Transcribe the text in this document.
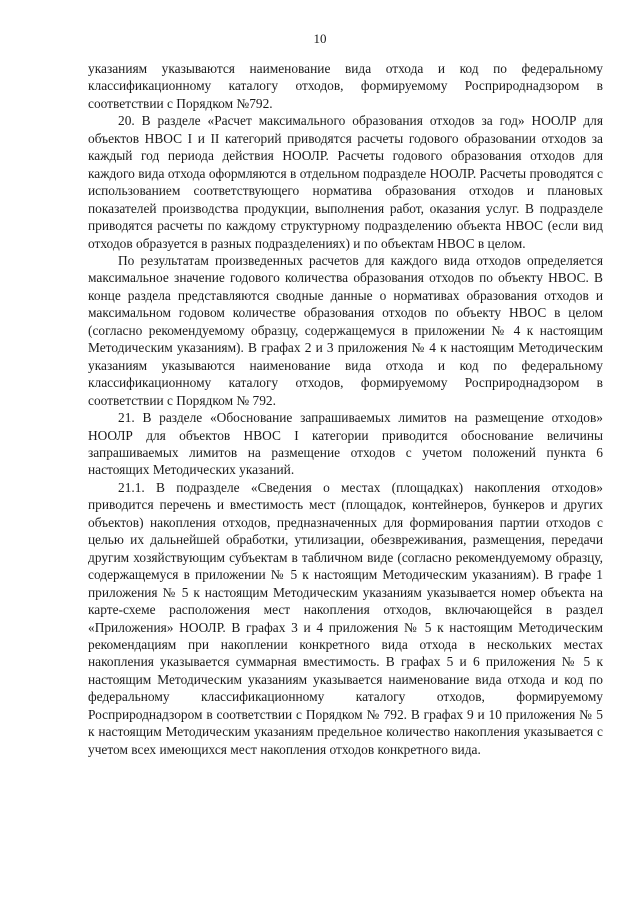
10

указаниям указываются наименование вида отхода и код по федеральному классификационному каталогу отходов, формируемому Росприроднадзором в соответствии с Порядком №792.

20. В разделе «Расчет максимального образования отходов за год» НООЛР для объектов НВОС I и II категорий приводятся расчеты годового образовании отходов за каждый год периода действия НООЛР. Расчеты годового образования отходов для каждого вида отхода оформляются в отдельном подразделе НООЛР. Расчеты проводятся с использованием соответствующего норматива образования отходов и плановых показателей производства продукции, выполнения работ, оказания услуг. В подразделе приводятся расчеты по каждому структурному подразделению объекта НВОС (если вид отходов образуется в разных подразделениях) и по объектам НВОС в целом.

По результатам произведенных расчетов для каждого вида отходов определяется максимальное значение годового количества образования отходов по объекту НВОС. В конце раздела представляются сводные данные о нормативах образования отходов и максимальном годовом количестве образования отходов по объекту НВОС в целом (согласно рекомендуемому образцу, содержащемуся в приложении № 4 к настоящим Методическим указаниям). В графах 2 и 3 приложения № 4 к настоящим Методическим указаниям указываются наименование вида отхода и код по федеральному классификационному каталогу отходов, формируемому Росприроднадзором в соответствии с Порядком № 792.

21. В разделе «Обоснование запрашиваемых лимитов на размещение отходов» НООЛР для объектов НВОС I категории приводится обоснование величины запрашиваемых лимитов на размещение отходов с учетом положений пункта 6 настоящих Методических указаний.

21.1. В подразделе «Сведения о местах (площадках) накопления отходов» приводится перечень и вместимость мест (площадок, контейнеров, бункеров и других объектов) накопления отходов, предназначенных для формирования партии отходов с целью их дальнейшей обработки, утилизации, обезвреживания, размещения, передачи другим хозяйствующим субъектам в табличном виде (согласно рекомендуемому образцу, содержащемуся в приложении № 5 к настоящим Методическим указаниям). В графе 1 приложения № 5 к настоящим Методическим указаниям указывается номер объекта на карте-схеме расположения мест накопления отходов, включающейся в раздел «Приложения» НООЛР. В графах 3 и 4 приложения № 5 к настоящим Методическим рекомендациям при накоплении конкретного вида отхода в нескольких местах накопления указывается суммарная вместимость. В графах 5 и 6 приложения № 5 к настоящим Методическим указаниям указывается наименование вида отхода и код по федеральному классификационному каталогу отходов, формируемому Росприроднадзором в соответствии с Порядком № 792. В графах 9 и 10 приложения № 5 к настоящим Методическим указаниям предельное количество накопления указывается с учетом всех имеющихся мест накопления отходов конкретного вида.
